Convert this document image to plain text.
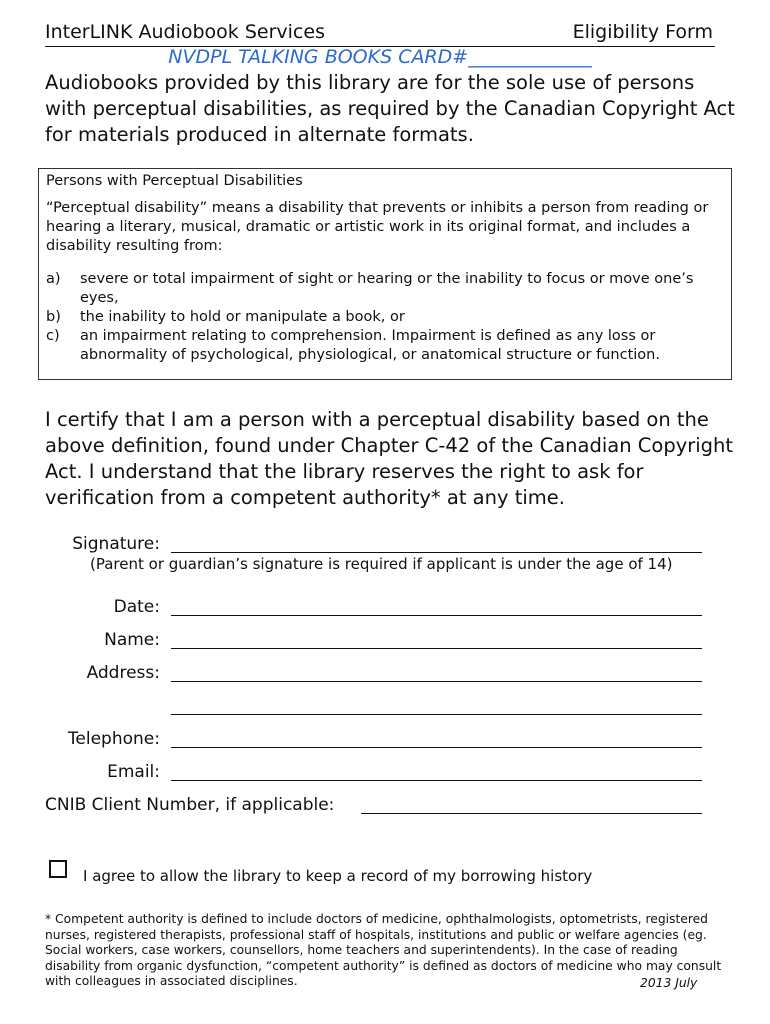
InterLINK Audiobook Services	Eligibility Form
NVDPL TALKING BOOKS CARD#_____________
Audiobooks provided by this library are for the sole use of persons with perceptual disabilities, as required by the Canadian Copyright Act for materials produced in alternate formats.

Persons with Perceptual Disabilities

“Perceptual disability” means a disability that prevents or inhibits a person from reading or hearing a literary, musical, dramatic or artistic work in its original format, and includes a disability resulting from:

a) severe or total impairment of sight or hearing or the inability to focus or move one’s eyes,
b) the inability to hold or manipulate a book, or
c) an impairment relating to comprehension. Impairment is defined as any loss or abnormality of psychological, physiological, or anatomical structure or function.
I certify that I am a person with a perceptual disability based on the above definition, found under Chapter C-42 of the Canadian Copyright Act. I understand that the library reserves the right to ask for verification from a competent authority* at any time.
Signature:
(Parent or guardian’s signature is required if applicant is under the age of 14)
Date:
Name:
Address:
Telephone:
Email:
CNIB Client Number, if applicable:
I agree to allow the library to keep a record of my borrowing history
* Competent authority is defined to include doctors of medicine, ophthalmologists, optometrists, registered nurses, registered therapists, professional staff of hospitals, institutions and public or welfare agencies (eg. Social workers, case workers, counsellors, home teachers and superintendents). In the case of reading disability from organic dysfunction, “competent authority” is defined as doctors of medicine who may consult with colleagues in associated disciplines.	2013 July
